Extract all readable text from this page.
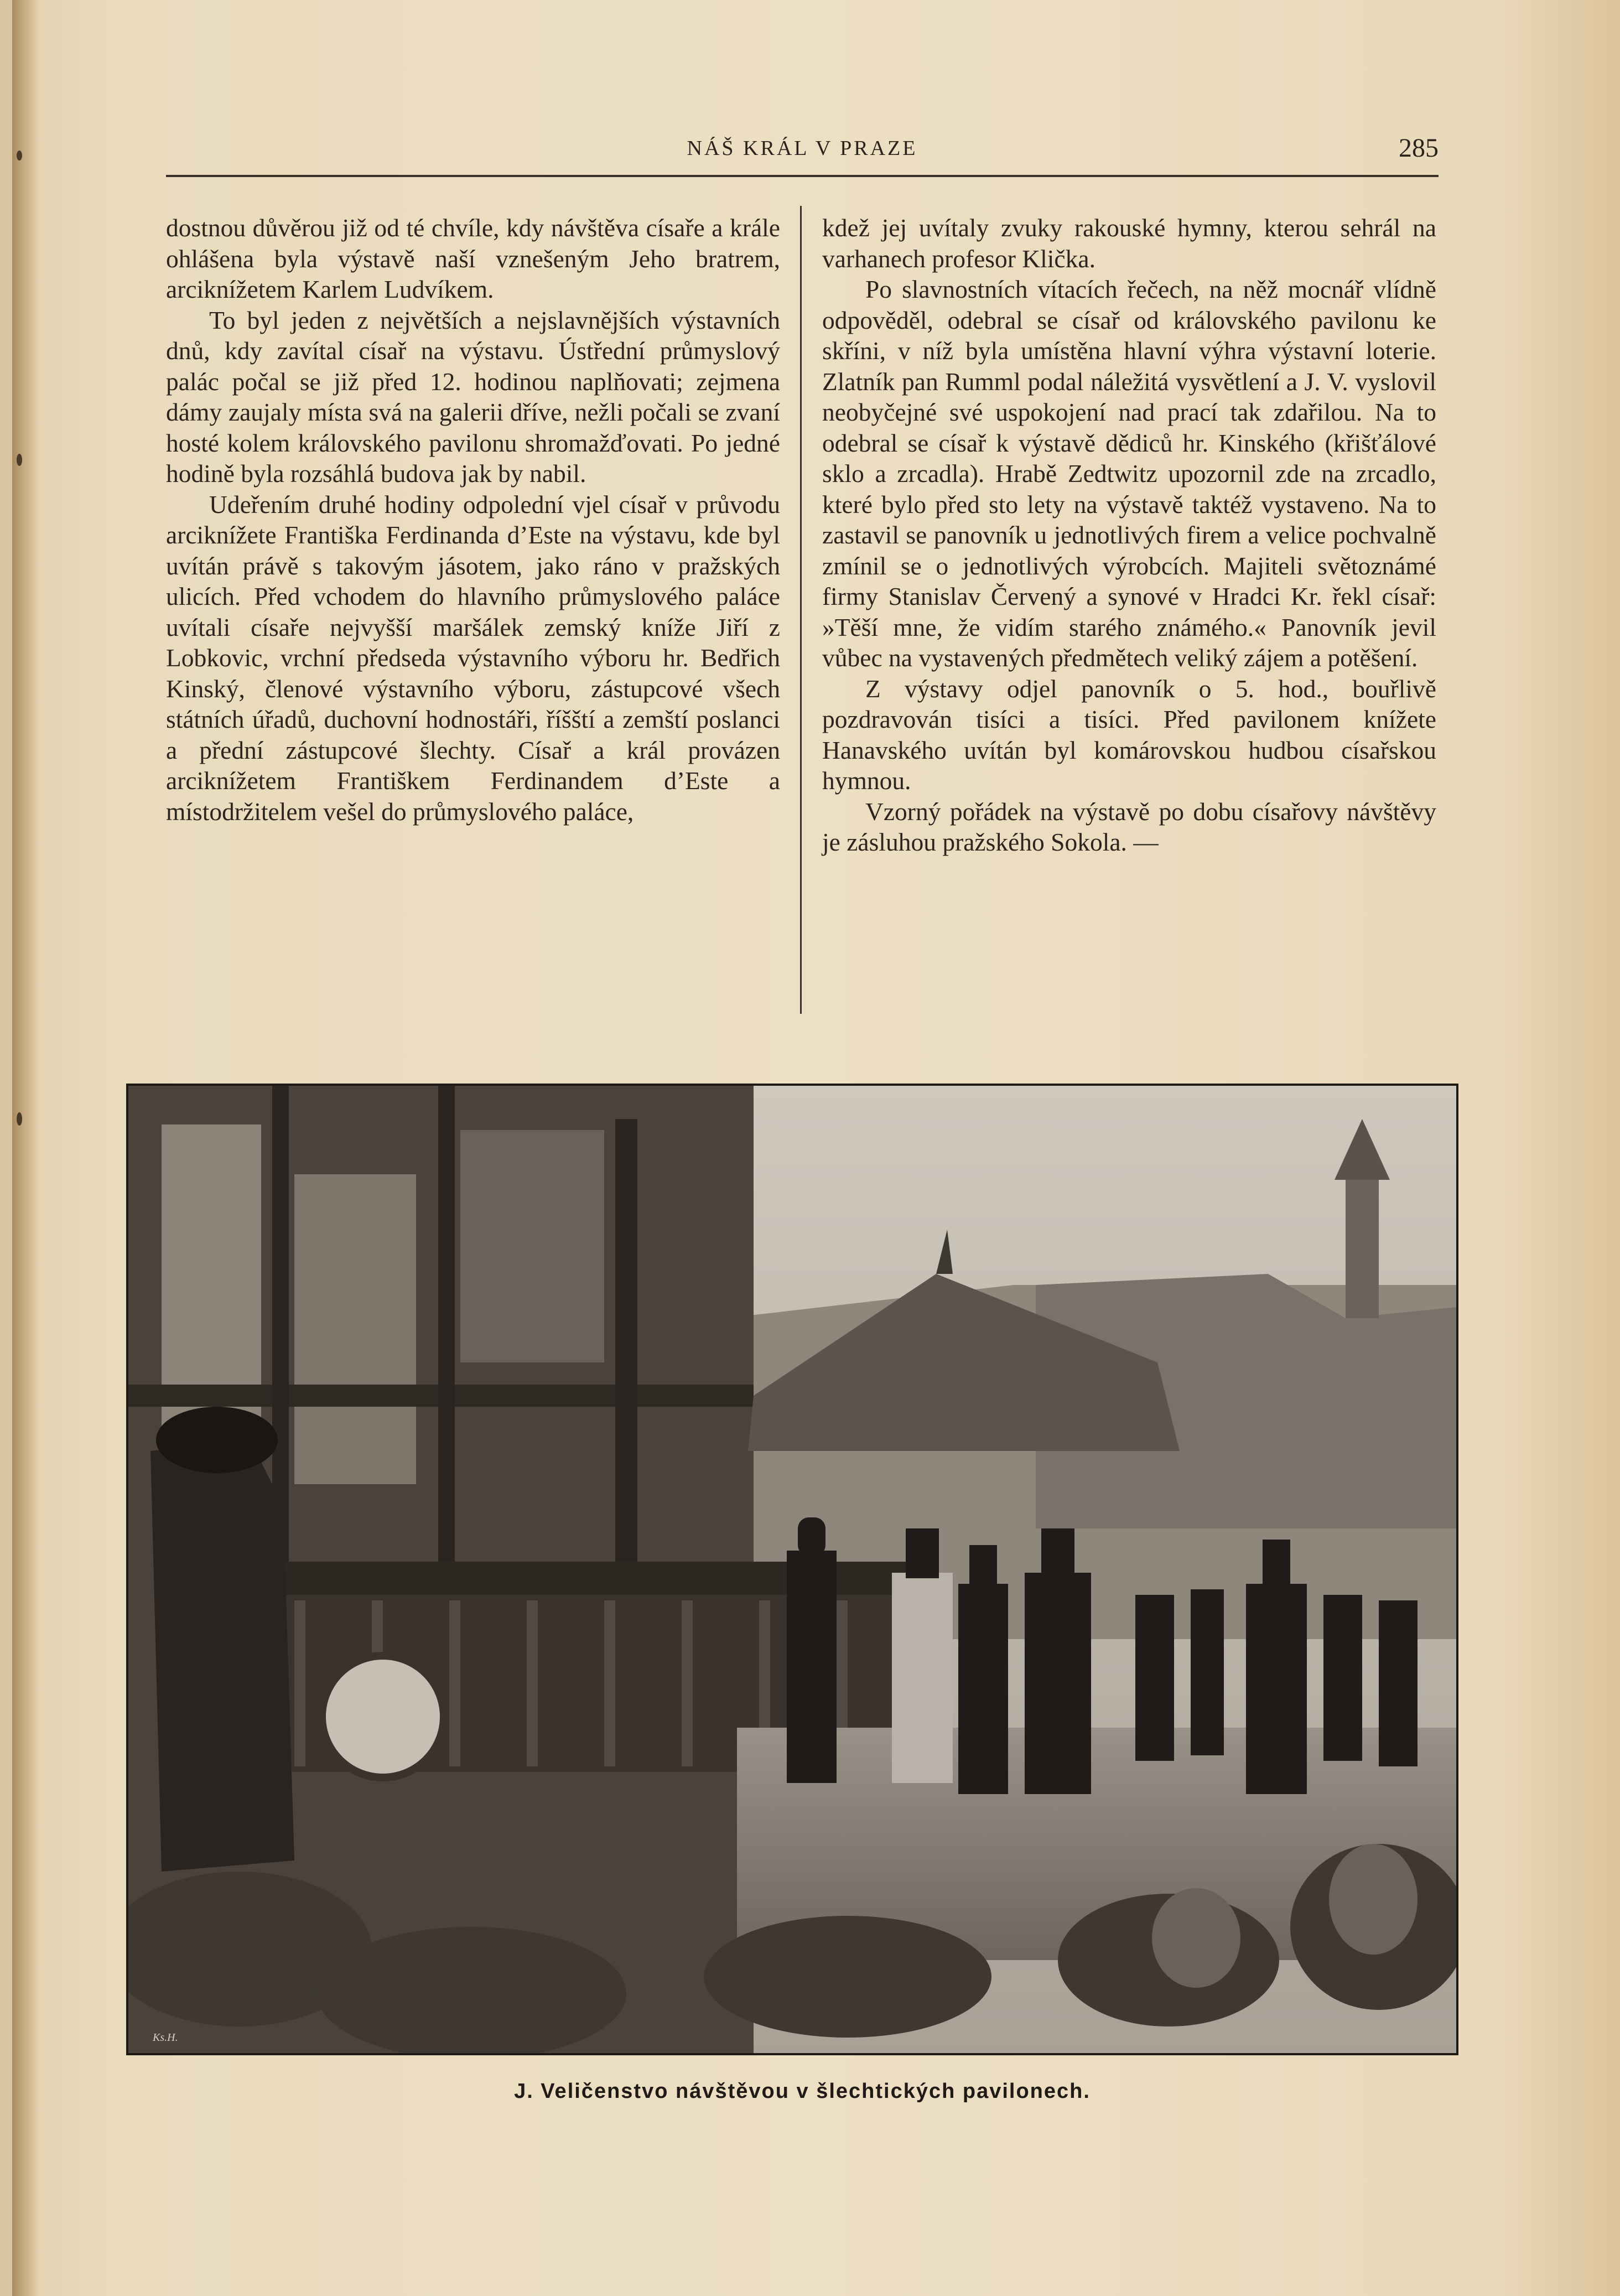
NÁŠ KRÁL V PRAZE	285

dostnou důvěrou již od té chvíle, kdy návštěva císaře a krále ohlášena byla výstavě naší vznešeným Jeho bratrem, arciknížetem Karlem Ludvíkem.

To byl jeden z největších a nejslavnějších výstavních dnů, kdy zavítal císař na výstavu. Ústřední průmyslový palác počal se již před 12. hodinou naplňovati; zejmena dámy zaujaly místa svá na galerii dříve, nežli počali se zvaní hosté kolem královského pavilonu shromažďovati. Po jedné hodině byla rozsáhlá budova jak by nabil.

Udeřením druhé hodiny odpolední vjel císař v průvodu arciknížete Františka Ferdinanda d’Este na výstavu, kde byl uvítán právě s takovým jásotem, jako ráno v pražských ulicích. Před vchodem do hlavního průmyslového paláce uvítali císaře nejvyšší maršálek zemský kníže Jiří z Lobkovic, vrchní předseda výstavního výboru hr. Bedřich Kinský, členové výstavního výboru, zástupcové všech státních úřadů, duchovní hodnostáři, říšští a zemští poslanci a přední zástupcové šlechty. Císař a král provázen arciknížetem Františkem Ferdinandem d’Este a místodržitelem vešel do průmyslového paláce,

kdež jej uvítaly zvuky rakouské hymny, kterou sehrál na varhanech profesor Klička.

Po slavnostních vítacích řečech, na něž mocnář vlídně odpověděl, odebral se císař od královského pavilonu ke skříni, v níž byla umístěna hlavní výhra výstavní loterie. Zlatník pan Rumml podal náležitá vysvětlení a J. V. vyslovil neobyčejné své uspokojení nad prací tak zdařilou. Na to odebral se císař k výstavě dědiců hr. Kinského (křišťálové sklo a zrcadla). Hrabě Zedtwitz upozornil zde na zrcadlo, které bylo před sto lety na výstavě taktéž vystaveno. Na to zastavil se panovník u jednotlivých firem a velice pochvalně zmínil se o jednotlivých výrobcích. Majiteli světoznámé firmy Stanislav Červený a synové v Hradci Kr. řekl císař: »Těší mne, že vidím starého známého.« Panovník jevil vůbec na vystavených předmětech veliký zájem a potěšení.

Z výstavy odjel panovník o 5. hod., bouřlivě pozdravován tisíci a tisíci. Před pavilonem knížete Hanavského uvítán byl komárovskou hudbou císařskou hymnou.

Vzorný pořádek na výstavě po dobu císařovy návštěvy je zásluhou pražského Sokola. —

Ks.H.
J. Veličenstvo návštěvou v šlechtických pavilonech.
